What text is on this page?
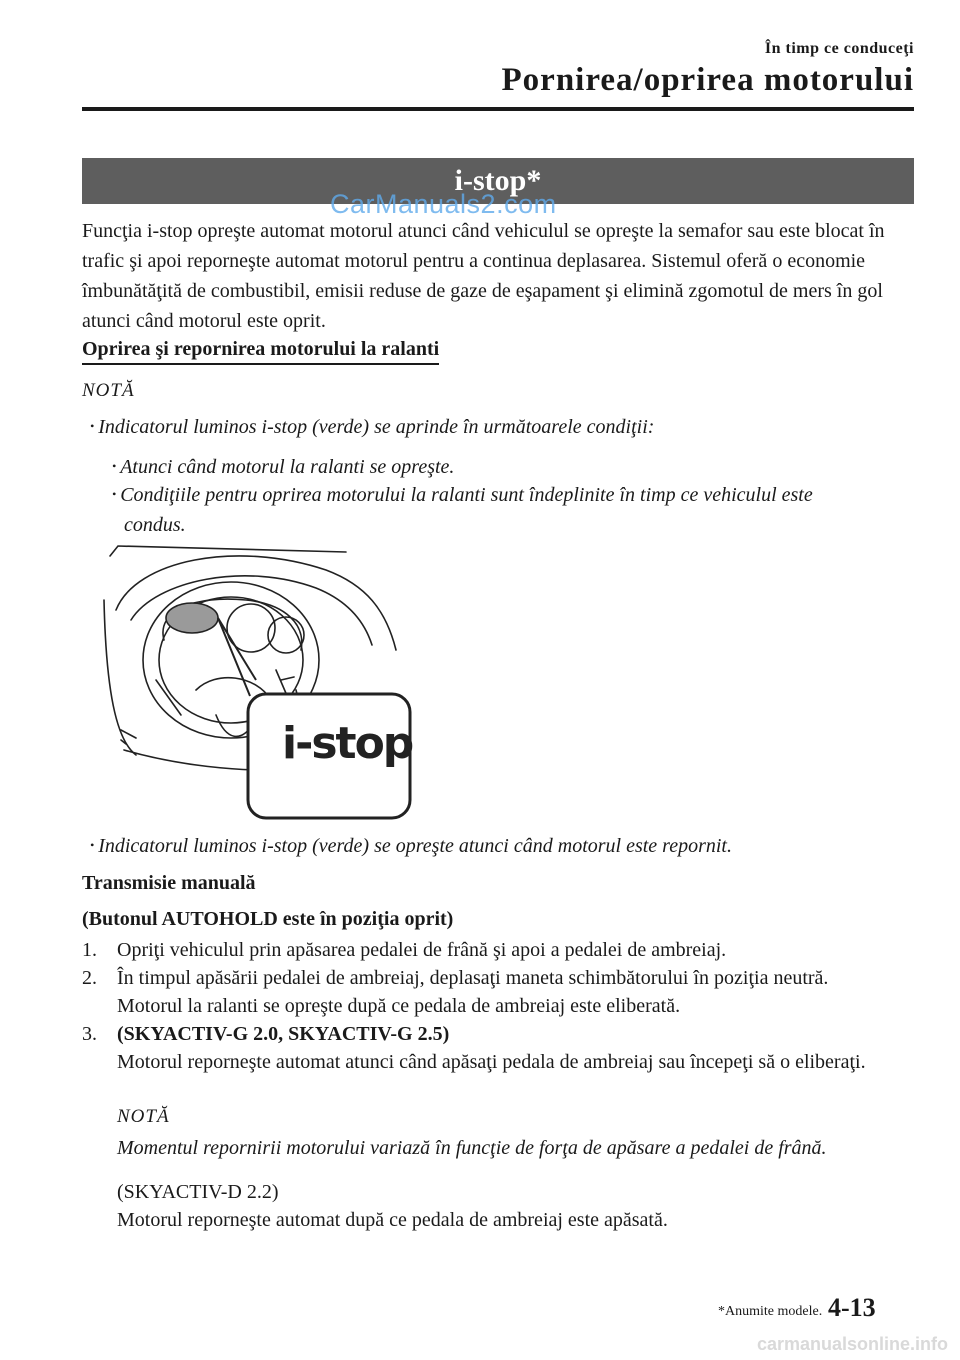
În timp ce conduceţi
Pornirea/oprirea motorului
i-stop*
CarManuals2.com
Funcţia i-stop opreşte automat motorul atunci când vehiculul se opreşte la semafor sau este blocat în trafic şi apoi reporneşte automat motorul pentru a continua deplasarea. Sistemul oferă o economie îmbunătăţită de combustibil, emisii reduse de gaze de eşapament şi elimină zgomotul de mers în gol atunci când motorul este oprit.
Oprirea şi repornirea motorului la ralanti
NOTĂ
• Indicatorul luminos i-stop (verde) se aprinde în următoarele condiţii:
• Atunci când motorul la ralanti se opreşte.
• Condiţiile pentru oprirea motorului la ralanti sunt îndeplinite în timp ce vehiculul este
condus.
i-stop
• Indicatorul luminos i-stop (verde) se opreşte atunci când motorul este repornit.
Transmisie manuală
(Butonul AUTOHOLD este în poziţia oprit)
1. Opriţi vehiculul prin apăsarea pedalei de frână şi apoi a pedalei de ambreiaj.
2. În timpul apăsării pedalei de ambreiaj, deplasaţi maneta schimbătorului în poziţia neutră.
Motorul la ralanti se opreşte după ce pedala de ambreiaj este eliberată.
3. (SKYACTIV-G 2.0, SKYACTIV-G 2.5)
Motorul reporneşte automat atunci când apăsaţi pedala de ambreiaj sau începeţi să o eliberaţi.
NOTĂ
Momentul repornirii motorului variază în funcţie de forţa de apăsare a pedalei de frână.
(SKYACTIV-D 2.2)
Motorul reporneşte automat după ce pedala de ambreiaj este apăsată.
*Anumite modele. 4-13
carmanualsonline.info
